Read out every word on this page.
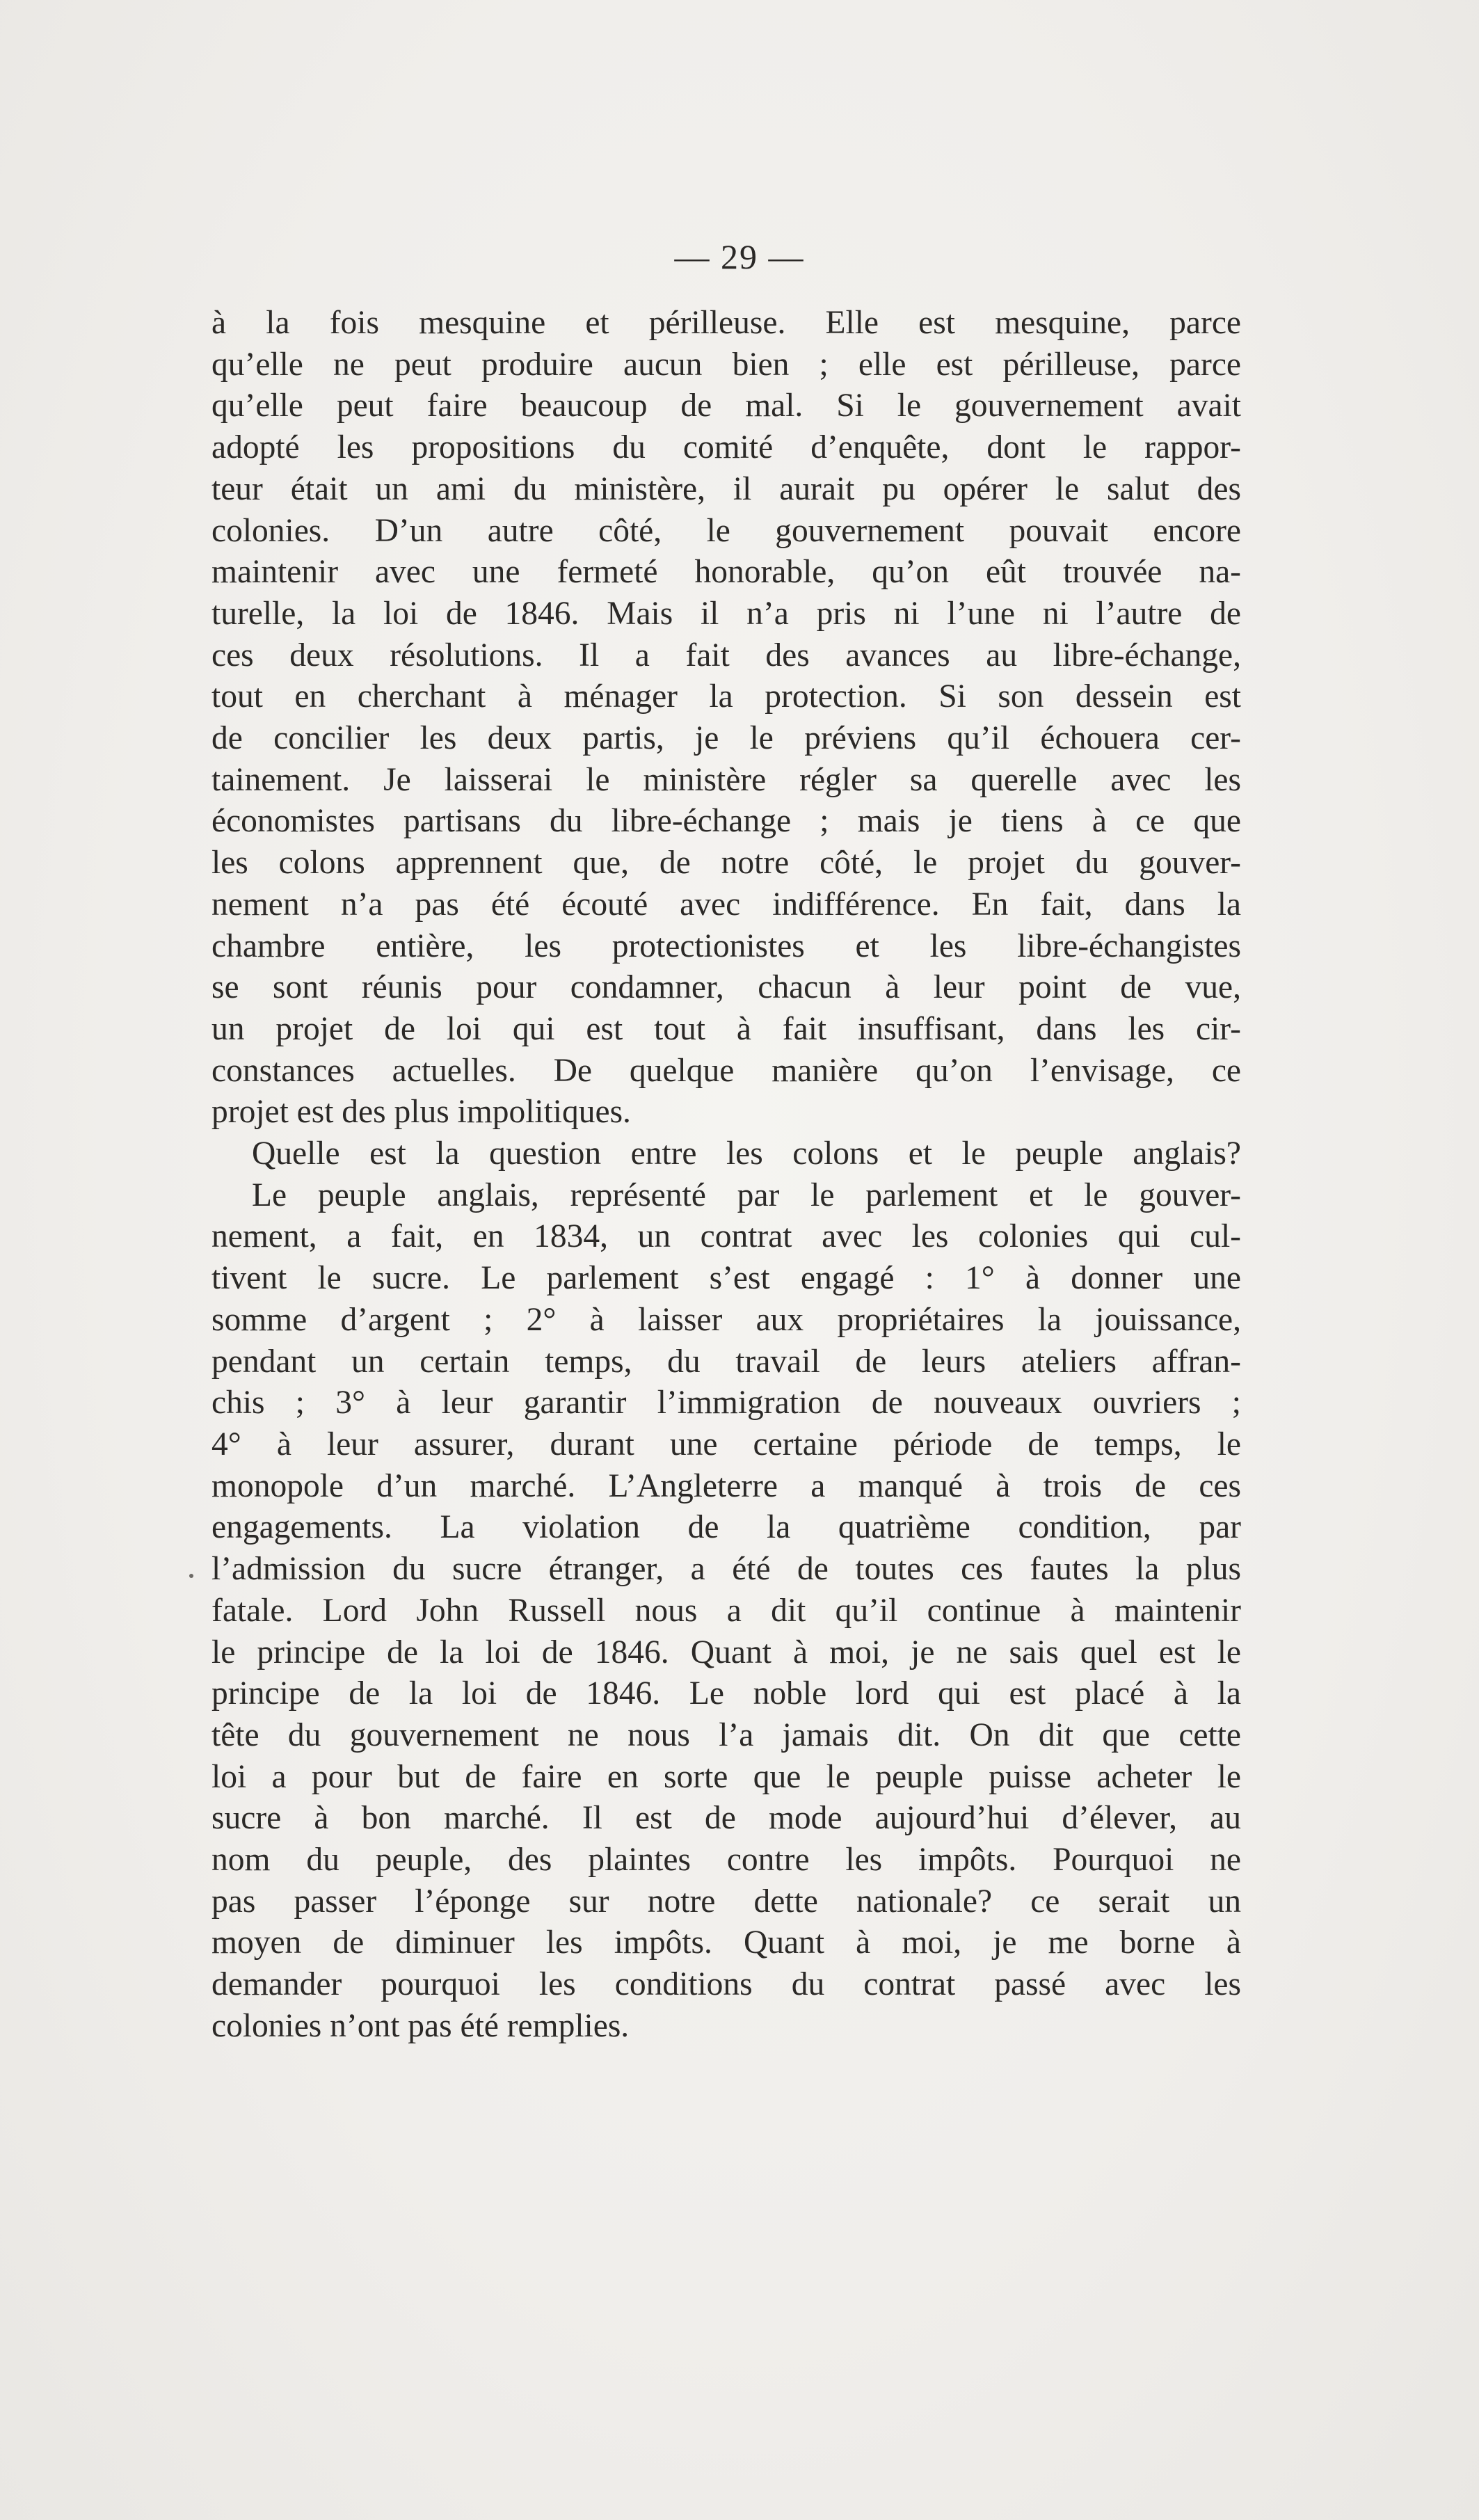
— 29 —
à la fois mesquine et périlleuse. Elle est mesquine, parce
qu’elle ne peut produire aucun bien ; elle est périlleuse, parce
qu’elle peut faire beaucoup de mal. Si le gouvernement avait
adopté les propositions du comité d’enquête, dont le rappor-
teur était un ami du ministère, il aurait pu opérer le salut des
colonies. D’un autre côté, le gouvernement pouvait encore
maintenir avec une fermeté honorable, qu’on eût trouvée na-
turelle, la loi de 1846. Mais il n’a pris ni l’une ni l’autre de
ces deux résolutions. Il a fait des avances au libre-échange,
tout en cherchant à ménager la protection. Si son dessein est
de concilier les deux partis, je le préviens qu’il échouera cer-
tainement. Je laisserai le ministère régler sa querelle avec les
économistes partisans du libre-échange ; mais je tiens à ce que
les colons apprennent que, de notre côté, le projet du gouver-
nement n’a pas été écouté avec indifférence. En fait, dans la
chambre entière, les protectionistes et les libre-échangistes
se sont réunis pour condamner, chacun à leur point de vue,
un projet de loi qui est tout à fait insuffisant, dans les cir-
constances actuelles. De quelque manière qu’on l’envisage, ce
projet est des plus impolitiques.
Quelle est la question entre les colons et le peuple anglais?
Le peuple anglais, représenté par le parlement et le gouver-
nement, a fait, en 1834, un contrat avec les colonies qui cul-
tivent le sucre. Le parlement s’est engagé : 1° à donner une
somme d’argent ; 2° à laisser aux propriétaires la jouissance,
pendant un certain temps, du travail de leurs ateliers affran-
chis ; 3° à leur garantir l’immigration de nouveaux ouvriers ;
4° à leur assurer, durant une certaine période de temps, le
monopole d’un marché. L’Angleterre a manqué à trois de ces
engagements. La violation de la quatrième condition, par
l’admission du sucre étranger, a été de toutes ces fautes la plus
fatale. Lord John Russell nous a dit qu’il continue à maintenir
le principe de la loi de 1846. Quant à moi, je ne sais quel est le
principe de la loi de 1846. Le noble lord qui est placé à la
tête du gouvernement ne nous l’a jamais dit. On dit que cette
loi a pour but de faire en sorte que le peuple puisse acheter le
sucre à bon marché. Il est de mode aujourd’hui d’élever, au
nom du peuple, des plaintes contre les impôts. Pourquoi ne
pas passer l’éponge sur notre dette nationale? ce serait un
moyen de diminuer les impôts. Quant à moi, je me borne à
demander pourquoi les conditions du contrat passé avec les
colonies n’ont pas été remplies.
